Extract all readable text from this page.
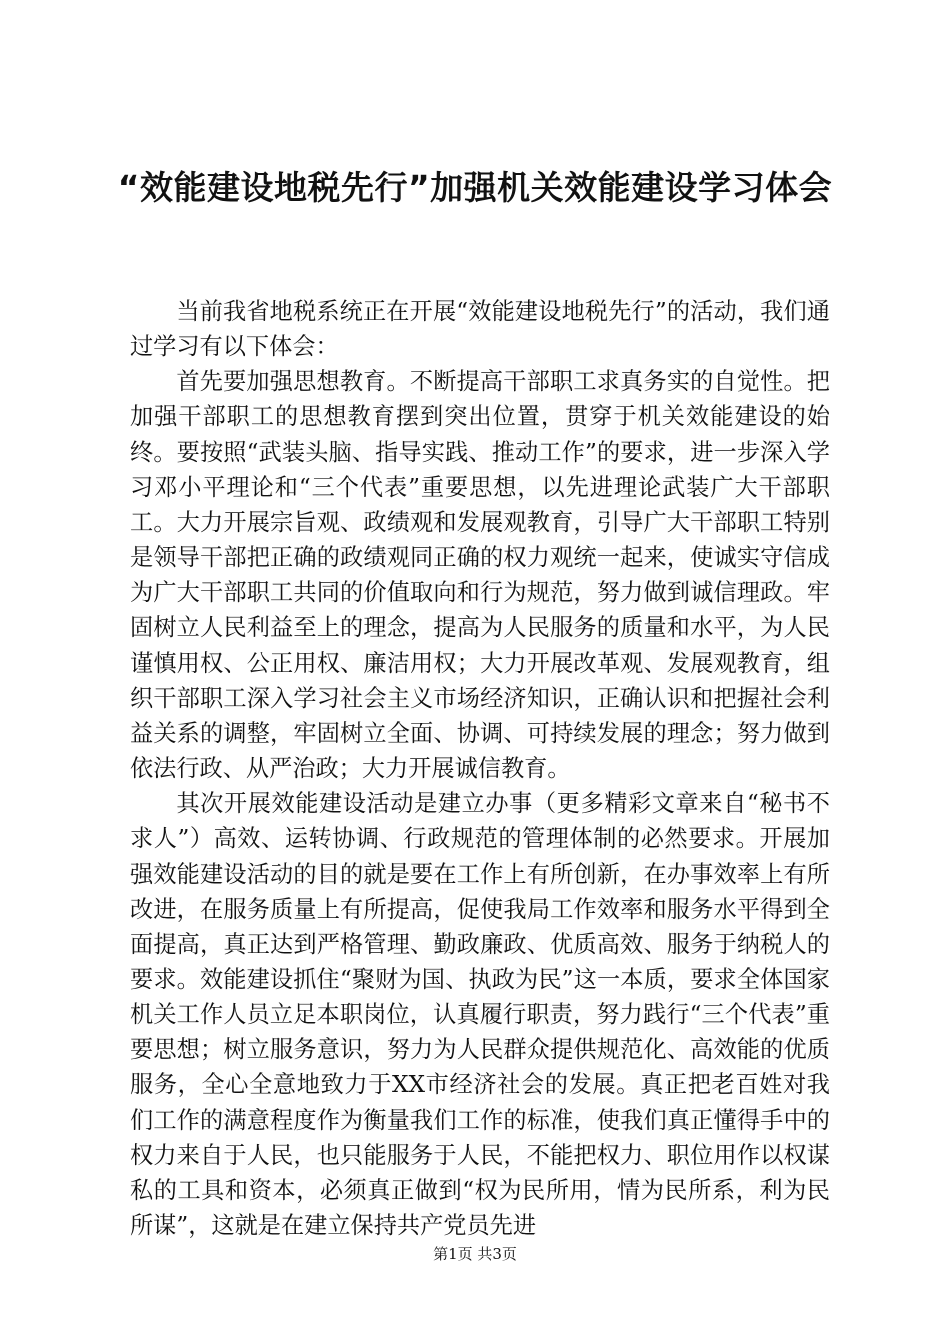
“效能建设地税先行”加强机关效能建设学习体会

当前我省地税系统正在开展“效能建设地税先行”的活动，我们通过学习有以下体会：

首先要加强思想教育。不断提高干部职工求真务实的自觉性。把加强干部职工的思想教育摆到突出位置，贯穿于机关效能建设的始终。要按照“武装头脑、指导实践、推动工作”的要求，进一步深入学习邓小平理论和“三个代表”重要思想，以先进理论武装广大干部职工。大力开展宗旨观、政绩观和发展观教育，引导广大干部职工特别是领导干部把正确的政绩观同正确的权力观统一起来，使诚实守信成为广大干部职工共同的价值取向和行为规范，努力做到诚信理政。牢固树立人民利益至上的理念，提高为人民服务的质量和水平，为人民谨慎用权、公正用权、廉洁用权；大力开展改革观、发展观教育，组织干部职工深入学习社会主义市场经济知识，正确认识和把握社会利益关系的调整，牢固树立全面、协调、可持续发展的理念；努力做到依法行政、从严治政；大力开展诚信教育。

其次开展效能建设活动是建立办事（更多精彩文章来自“秘书不求人”）高效、运转协调、行政规范的管理体制的必然要求。开展加强效能建设活动的目的就是要在工作上有所创新，在办事效率上有所改进，在服务质量上有所提高，促使我局工作效率和服务水平得到全面提高，真正达到严格管理、勤政廉政、优质高效、服务于纳税人的要求。效能建设抓住“聚财为国、执政为民”这一本质，要求全体国家机关工作人员立足本职岗位，认真履行职责，努力践行“三个代表”重要思想；树立服务意识，努力为人民群众提供规范化、高效能的优质服务，全心全意地致力于XX市经济社会的发展。真正把老百姓对我们工作的满意程度作为衡量我们工作的标准，使我们真正懂得手中的权力来自于人民，也只能服务于人民，不能把权力、职位用作以权谋私的工具和资本，必须真正做到“权为民所用，情为民所系，利为民所谋”，这就是在建立保持共产党员先进

第1页 共3页
